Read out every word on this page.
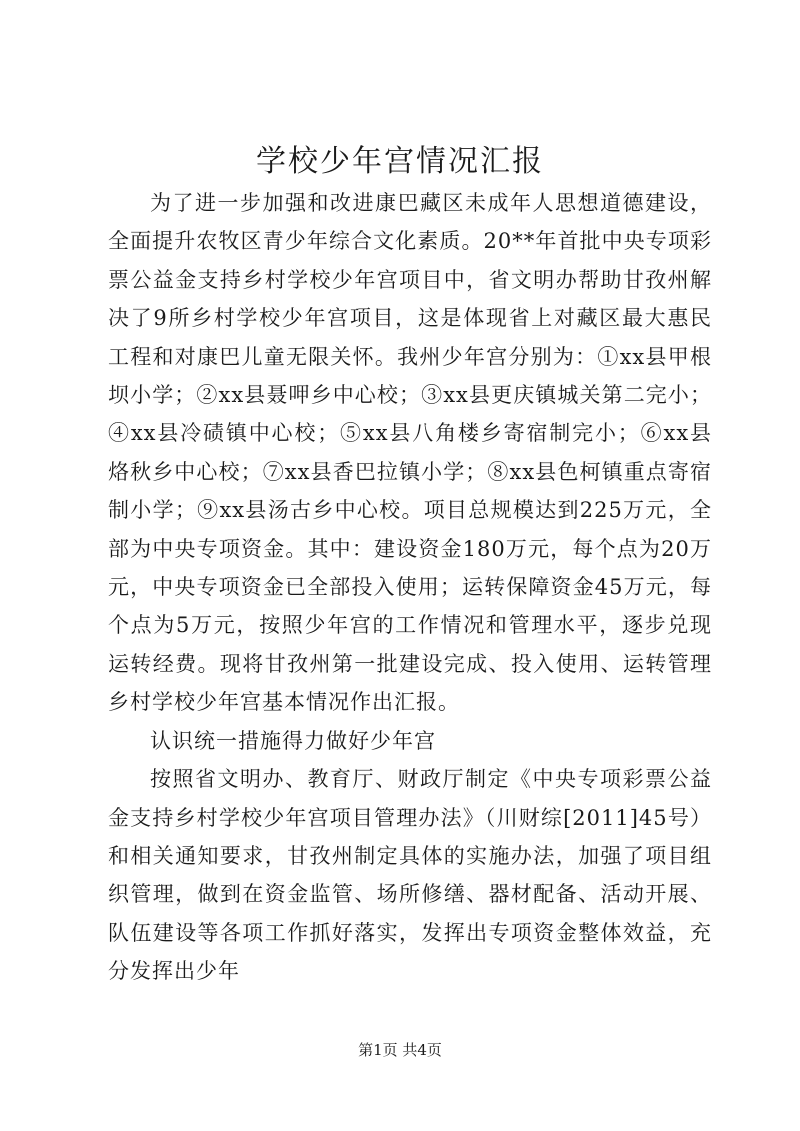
学校少年宫情况汇报

为了进一步加强和改进康巴藏区未成年人思想道德建设，全面提升农牧区青少年综合文化素质。20**年首批中央专项彩票公益金支持乡村学校少年宫项目中，省文明办帮助甘孜州解决了9所乡村学校少年宫项目，这是体现省上对藏区最大惠民工程和对康巴儿童无限关怀。我州少年宫分别为：①xx县甲根坝小学；②xx县聂呷乡中心校；③xx县更庆镇城关第二完小；④xx县冷碛镇中心校；⑤xx县八角楼乡寄宿制完小；⑥xx县烙秋乡中心校；⑦xx县香巴拉镇小学；⑧xx县色柯镇重点寄宿制小学；⑨xx县汤古乡中心校。项目总规模达到225万元，全部为中央专项资金。其中：建设资金180万元，每个点为20万元，中央专项资金已全部投入使用；运转保障资金45万元，每个点为5万元，按照少年宫的工作情况和管理水平，逐步兑现运转经费。现将甘孜州第一批建设完成、投入使用、运转管理乡村学校少年宫基本情况作出汇报。

认识统一措施得力做好少年宫

按照省文明办、教育厅、财政厅制定《中央专项彩票公益金支持乡村学校少年宫项目管理办法》（川财综[2011]45号）和相关通知要求，甘孜州制定具体的实施办法，加强了项目组织管理，做到在资金监管、场所修缮、器材配备、活动开展、队伍建设等各项工作抓好落实，发挥出专项资金整体效益，充分发挥出少年

第1页 共4页
